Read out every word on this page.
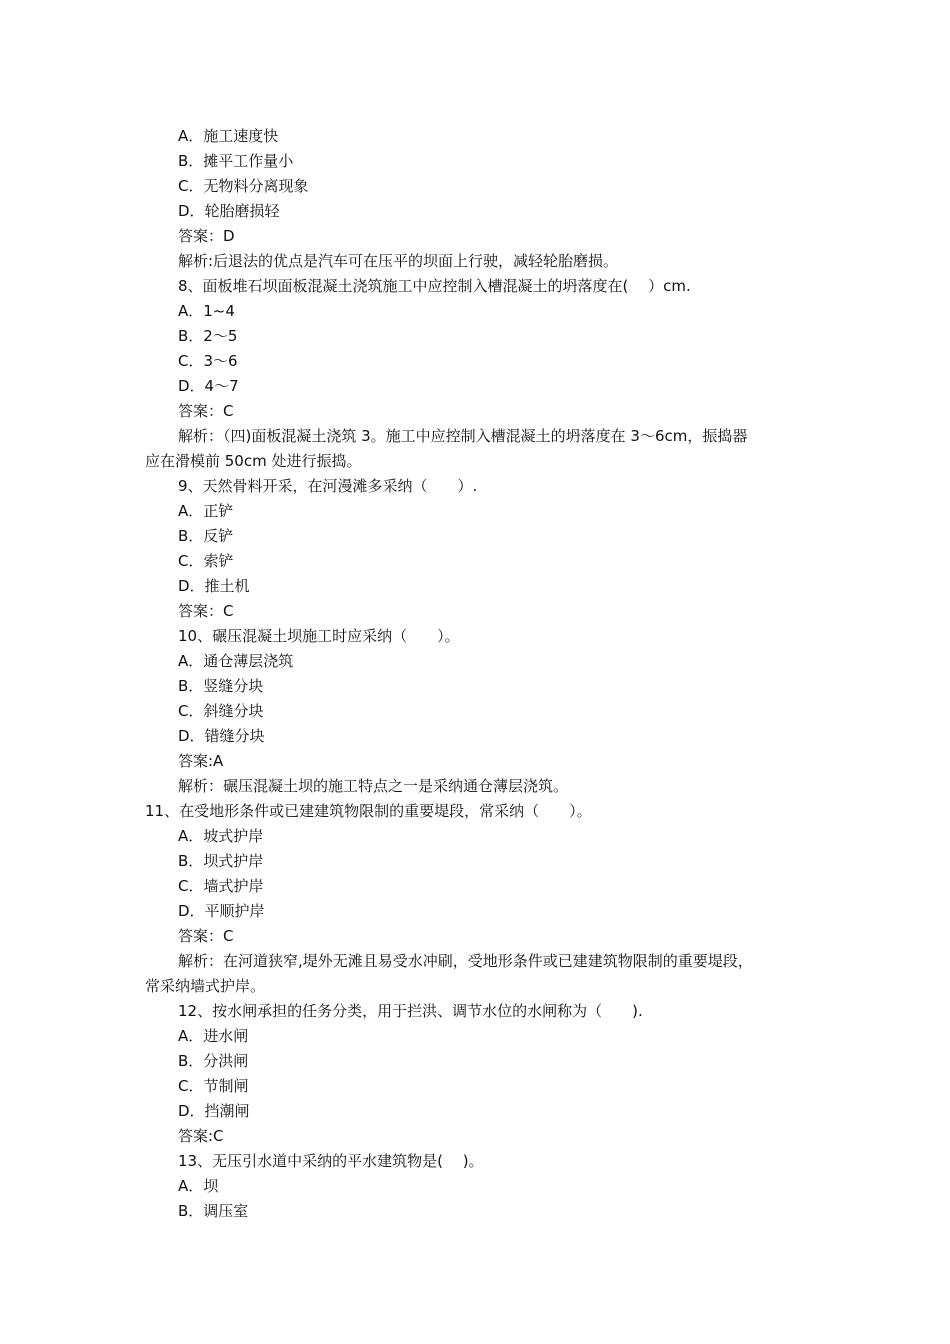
A．施工速度快
B．摊平工作量小
C．无物料分离现象
D．轮胎磨损轻
答案：D
解析:后退法的优点是汽车可在压平的坝面上行驶，减轻轮胎磨损。
8、面板堆石坝面板混凝土浇筑施工中应控制入槽混凝土的坍落度在(　 ）cm.
A．1~4
B．2～5
C．3～6
D．4～7
答案：C
解析：（四)面板混凝土浇筑 3。施工中应控制入槽混凝土的坍落度在 3～6cm，振捣器
应在滑模前 50cm 处进行振捣。
9、天然骨料开采，在河漫滩多采纳（　　）.
A．正铲
B．反铲
C．索铲
D．推土机
答案：C
10、碾压混凝土坝施工时应采纳（　　）。
A．通仓薄层浇筑
B．竖缝分块
C．斜缝分块
D．错缝分块
答案:A
解析：碾压混凝土坝的施工特点之一是采纳通仓薄层浇筑。
11、在受地形条件或已建建筑物限制的重要堤段，常采纳（　　）。
A．坡式护岸
B．坝式护岸
C．墙式护岸
D．平顺护岸
答案：C
解析：在河道狭窄,堤外无滩且易受水冲刷，受地形条件或已建建筑物限制的重要堤段，
常采纳墙式护岸。
12、按水闸承担的任务分类，用于拦洪、调节水位的水闸称为（　　).
A．进水闸
B．分洪闸
C．节制闸
D．挡潮闸
答案:C
13、无压引水道中采纳的平水建筑物是(　 )。
A．坝
B．调压室
